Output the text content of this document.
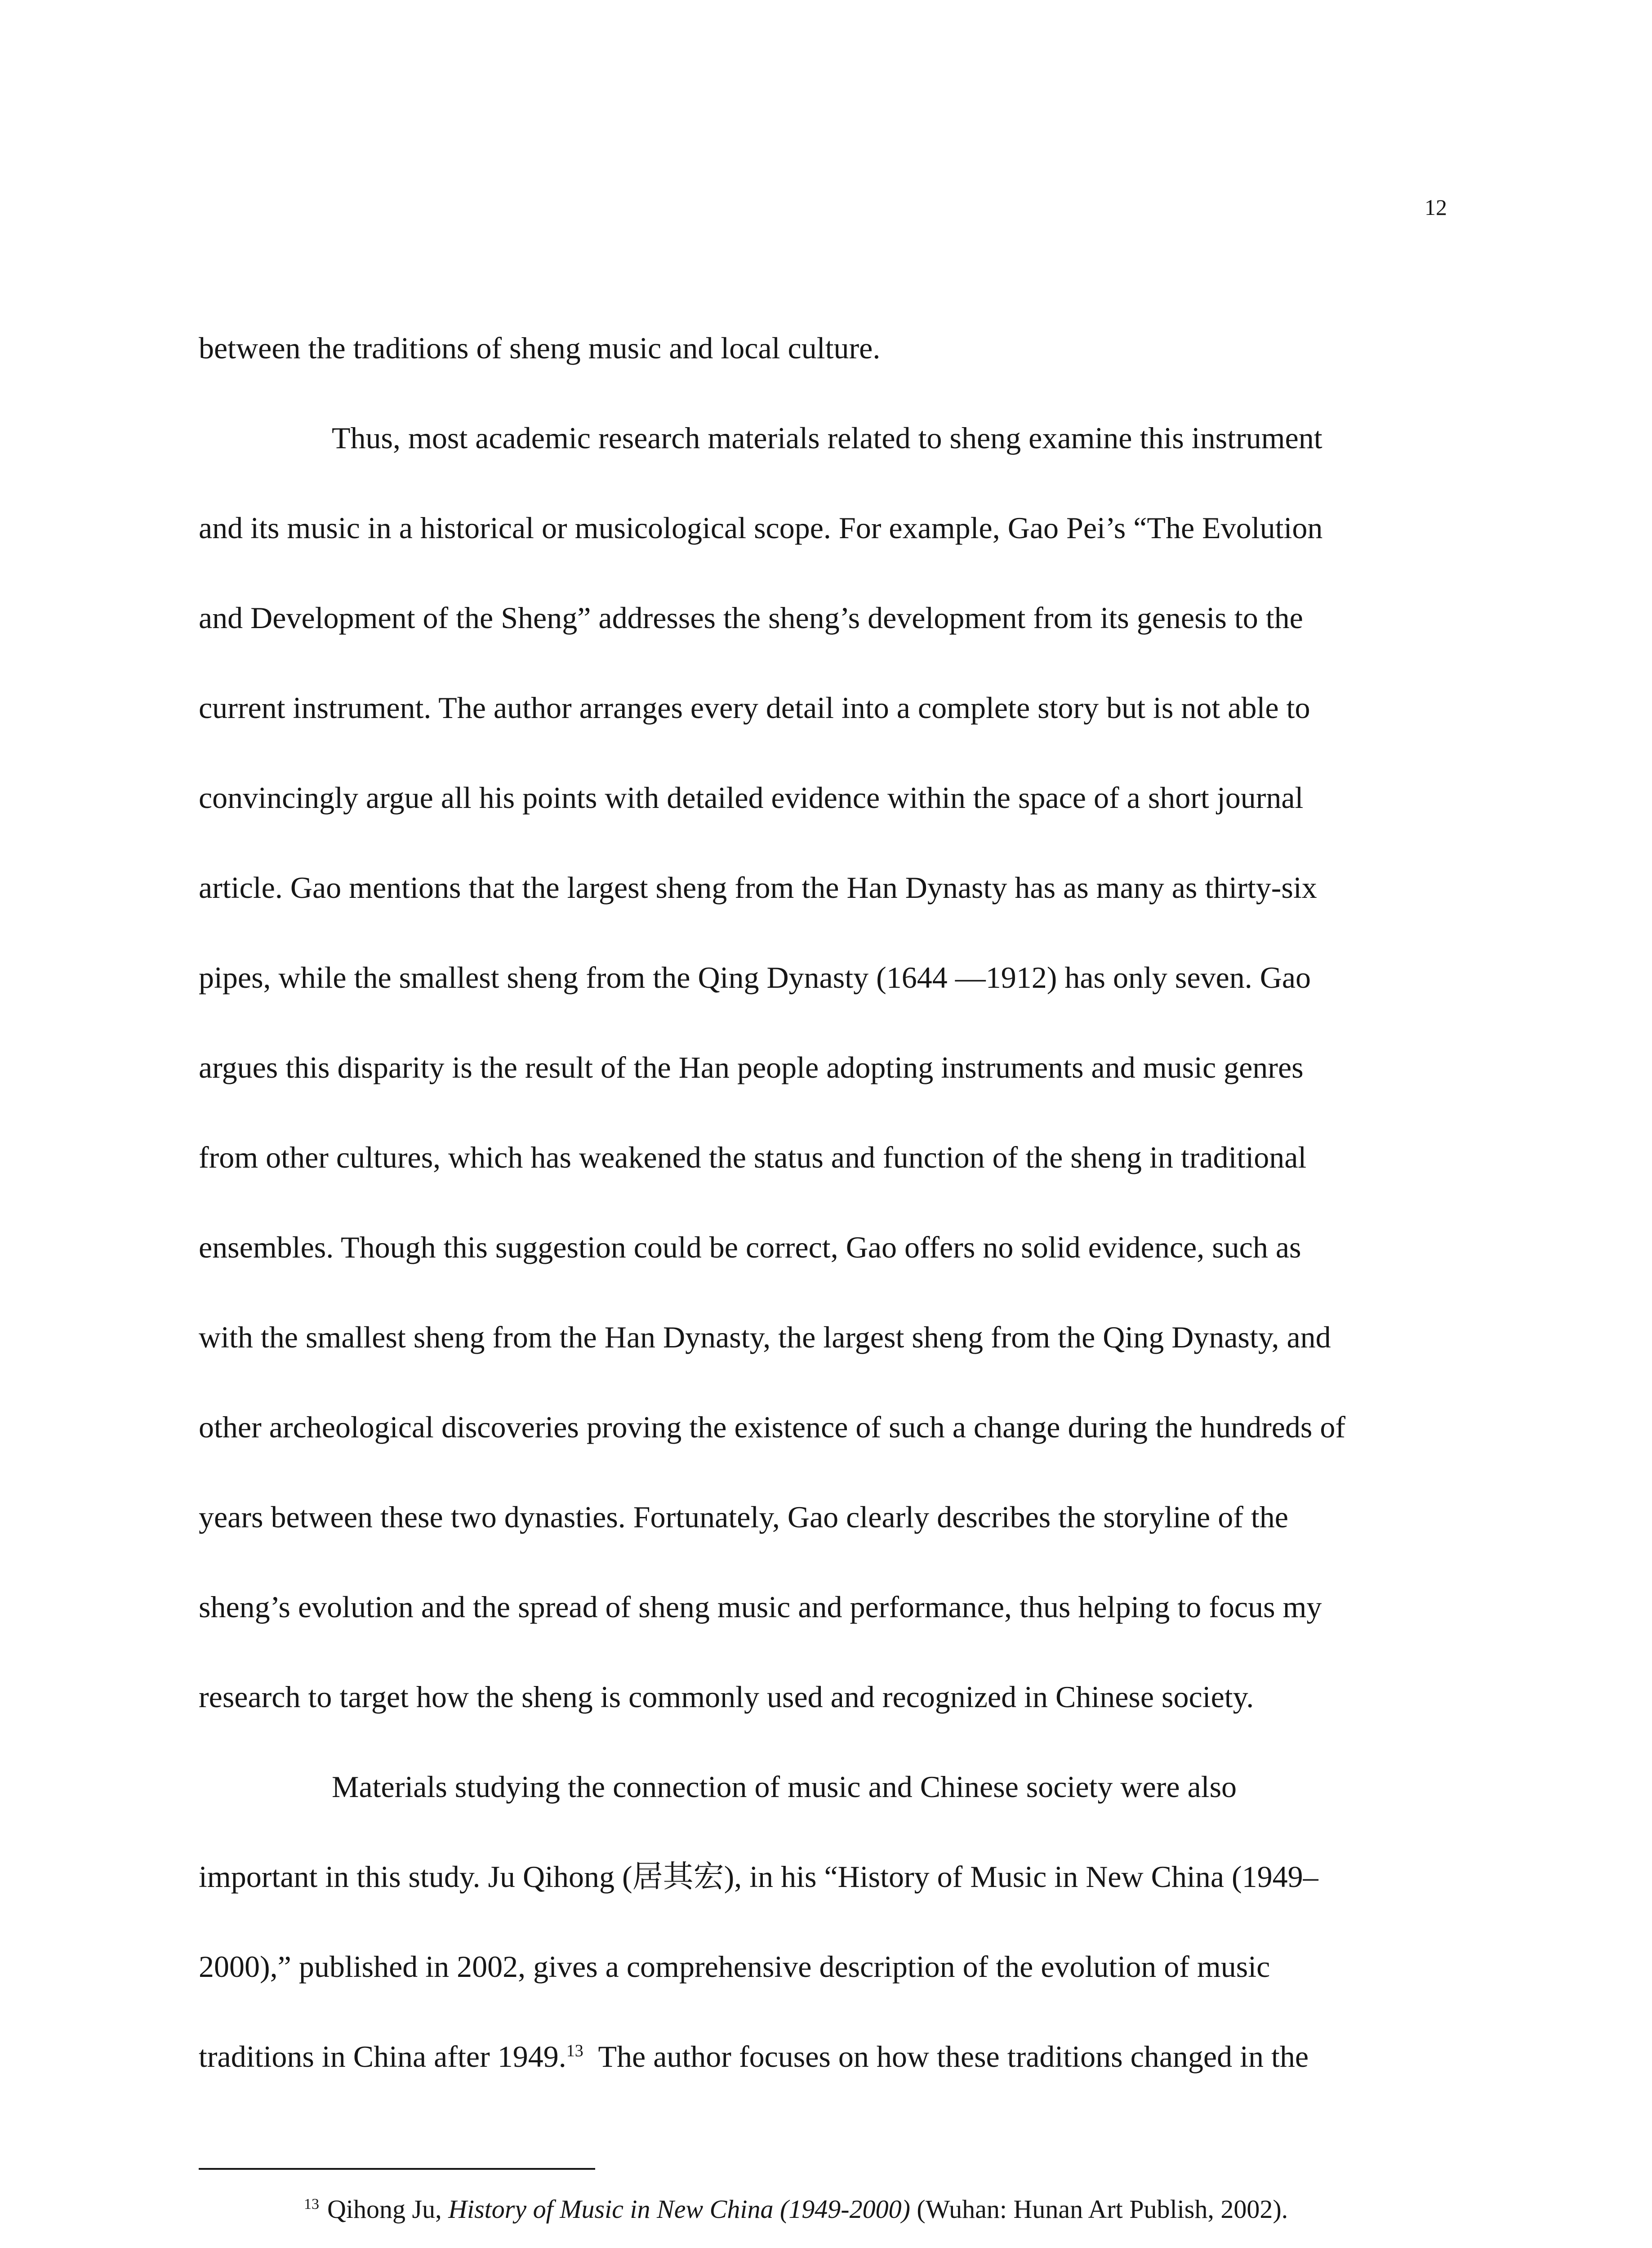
12
between the traditions of sheng music and local culture.
Thus, most academic research materials related to sheng examine this instrument
and its music in a historical or musicological scope. For example, Gao Pei’s “The Evolution
and Development of the Sheng” addresses the sheng’s development from its genesis to the
current instrument. The author arranges every detail into a complete story but is not able to
convincingly argue all his points with detailed evidence within the space of a short journal
article. Gao mentions that the largest sheng from the Han Dynasty has as many as thirty-six
pipes, while the smallest sheng from the Qing Dynasty (1644 —1912) has only seven. Gao
argues this disparity is the result of the Han people adopting instruments and music genres
from other cultures, which has weakened the status and function of the sheng in traditional
ensembles. Though this suggestion could be correct, Gao offers no solid evidence, such as
with the smallest sheng from the Han Dynasty, the largest sheng from the Qing Dynasty, and
other archeological discoveries proving the existence of such a change during the hundreds of
years between these two dynasties. Fortunately, Gao clearly describes the storyline of the
sheng’s evolution and the spread of sheng music and performance, thus helping to focus my
research to target how the sheng is commonly used and recognized in Chinese society.
Materials studying the connection of music and Chinese society were also
important in this study. Ju Qihong (居其宏), in his “History of Music in New China (1949–
2000),” published in 2002, gives a comprehensive description of the evolution of music
traditions in China after 1949.13 The author focuses on how these traditions changed in the
$^{13}$ Qihong Ju, History of Music in New China (1949-2000) (Wuhan: Hunan Art Publish, 2002).
